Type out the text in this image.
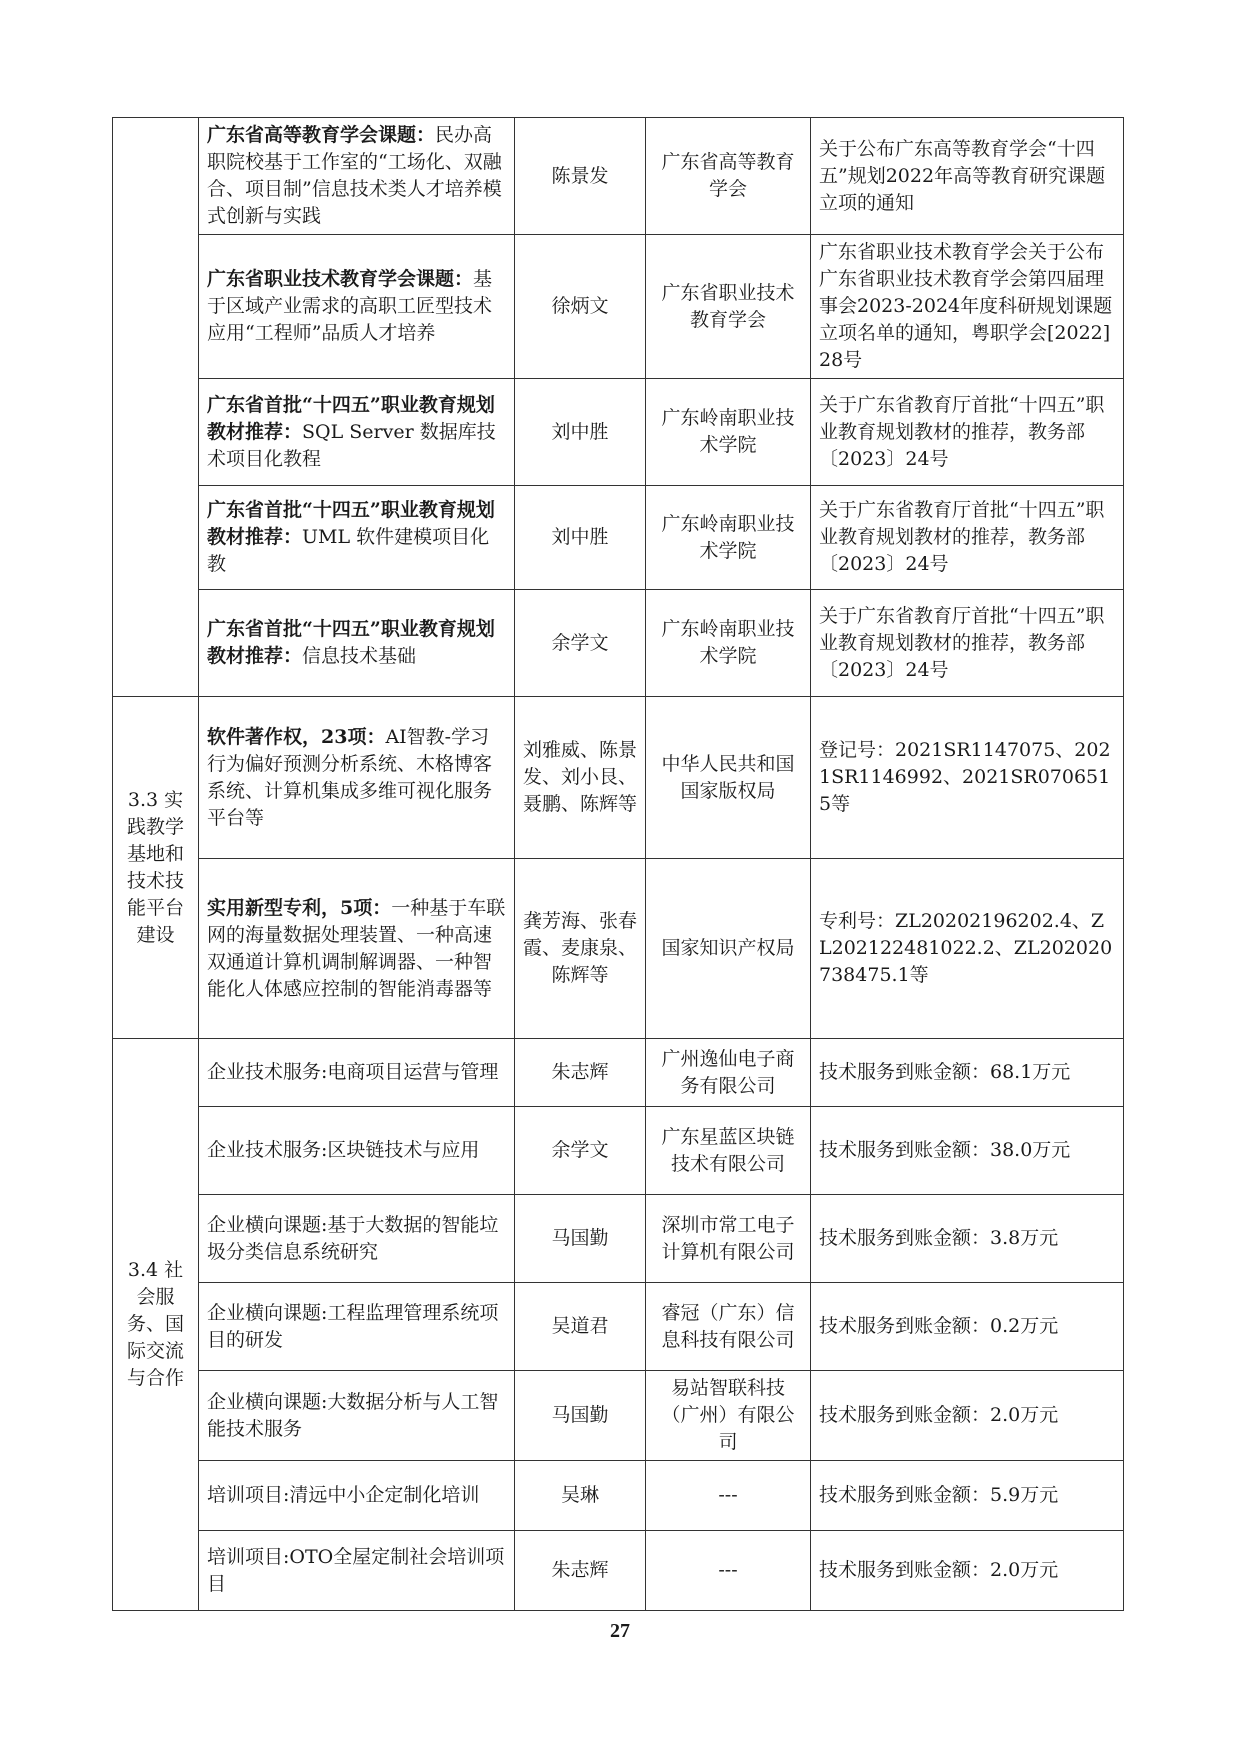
	广东省高等教育学会课题：民办高职院校基于工作室的“工场化、双融合、项目制”信息技术类人才培养模式创新与实践	陈景发	广东省高等教育学会	关于公布广东高等教育学会“十四五”规划2022年高等教育研究课题立项的通知
	广东省职业技术教育学会课题：基于区域产业需求的高职工匠型技术应用“工程师”品质人才培养	徐炳文	广东省职业技术教育学会	广东省职业技术教育学会关于公布广东省职业技术教育学会第四届理事会2023-2024年度科研规划课题立项名单的通知，粤职学会[2022]28号
	广东省首批“十四五”职业教育规划教材推荐：SQL Server 数据库技术项目化教程	刘中胜	广东岭南职业技术学院	关于广东省教育厅首批“十四五”职业教育规划教材的推荐，教务部〔2023〕24号
	广东省首批“十四五”职业教育规划教材推荐：UML 软件建模项目化教	刘中胜	广东岭南职业技术学院	关于广东省教育厅首批“十四五”职业教育规划教材的推荐，教务部〔2023〕24号
	广东省首批“十四五”职业教育规划教材推荐：信息技术基础	余学文	广东岭南职业技术学院	关于广东省教育厅首批“十四五”职业教育规划教材的推荐，教务部〔2023〕24号
3.3 实践教学基地和技术技能平台建设	软件著作权，23项：AI智教-学习行为偏好预测分析系统、木格博客系统、计算机集成多维可视化服务平台等	刘雅威、陈景发、刘小艮、聂鹏、陈辉等	中华人民共和国国家版权局	登记号：2021SR1147075、2021SR1146992、2021SR0706515等
	实用新型专利，5项：一种基于车联网的海量数据处理装置、一种高速双通道计算机调制解调器、一种智能化人体感应控制的智能消毒器等	龚芳海、张春霞、麦康泉、陈辉等	国家知识产权局	专利号：ZL20202196202.4、ZL202122481022.2、ZL202020738475.1等
3.4 社会服务、国际交流与合作	企业技术服务:电商项目运营与管理	朱志辉	广州逸仙电子商务有限公司	技术服务到账金额：68.1万元
	企业技术服务:区块链技术与应用	余学文	广东星蓝区块链技术有限公司	技术服务到账金额：38.0万元
	企业横向课题:基于大数据的智能垃圾分类信息系统研究	马国勤	深圳市常工电子计算机有限公司	技术服务到账金额：3.8万元
	企业横向课题:工程监理管理系统项目的研发	吴道君	睿冠（广东）信息科技有限公司	技术服务到账金额：0.2万元
	企业横向课题:大数据分析与人工智能技术服务	马国勤	易站智联科技（广州）有限公司	技术服务到账金额：2.0万元
	培训项目:清远中小企定制化培训	吴琳	---	技术服务到账金额：5.9万元
	培训项目:OTO全屋定制社会培训项目	朱志辉	---	技术服务到账金额：2.0万元
27
